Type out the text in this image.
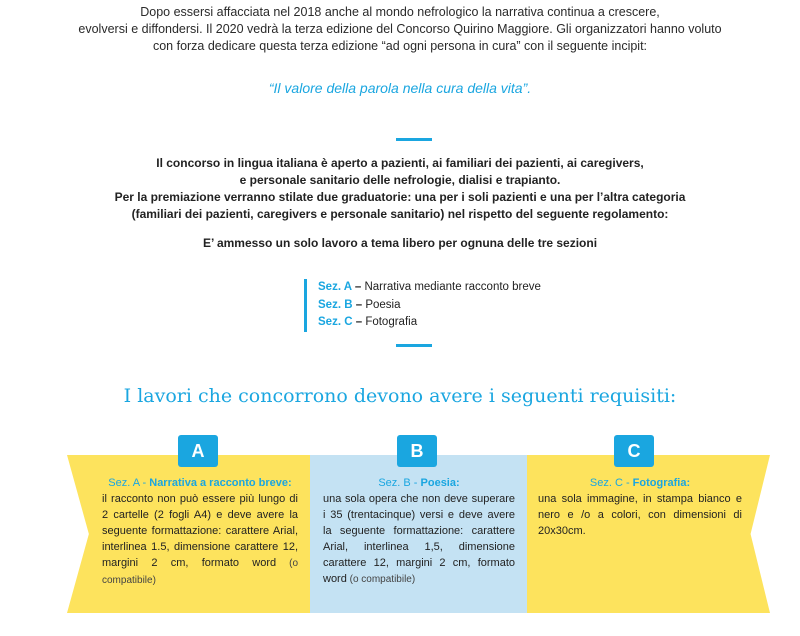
Dopo essersi affacciata nel 2018 anche al mondo nefrologico la narrativa continua a crescere,

evolversi e diffondersi. Il 2020 vedrà la terza edizione del Concorso Quirino Maggiore. Gli organizzatori hanno voluto

con forza dedicare questa terza edizione “ad ogni persona in cura” con il seguente incipit:

“Il valore della parola nella cura della vita”.

Il concorso in lingua italiana è aperto a pazienti, ai familiari dei pazienti, ai caregivers,

e personale sanitario delle nefrologie, dialisi e trapianto.

Per la premiazione verranno stilate due graduatorie: una per i soli pazienti e una per l’altra categoria

(familiari dei pazienti, caregivers e personale sanitario) nel rispetto del seguente regolamento:

E’ ammesso un solo lavoro a tema libero per ognuna delle tre sezioni
Sez. A – Narrativa mediante racconto breve
Sez. B – Poesia
Sez. C – Fotografia
I lavori che concorrono devono avere i seguenti requisiti:
A	B	C
Sez. A - Narrativa a racconto breve:
il racconto non può essere più lungo di 2 cartelle (2 fogli A4) e deve avere la seguente formattazione: carattere Arial, interlinea 1.5, dimensione carattere 12, margini 2 cm, formato word (o compatibile)
Sez. B - Poesia:
una sola opera che non deve superare i 35 (trentacinque) versi e deve avere la seguente formattazione: carattere Arial, interlinea 1,5, dimensione carattere 12, margini 2 cm, formato word (o compatibile)
Sez. C - Fotografia:
una sola immagine, in stampa bianco e nero e /o a colori, con dimensioni di 20x30cm.
